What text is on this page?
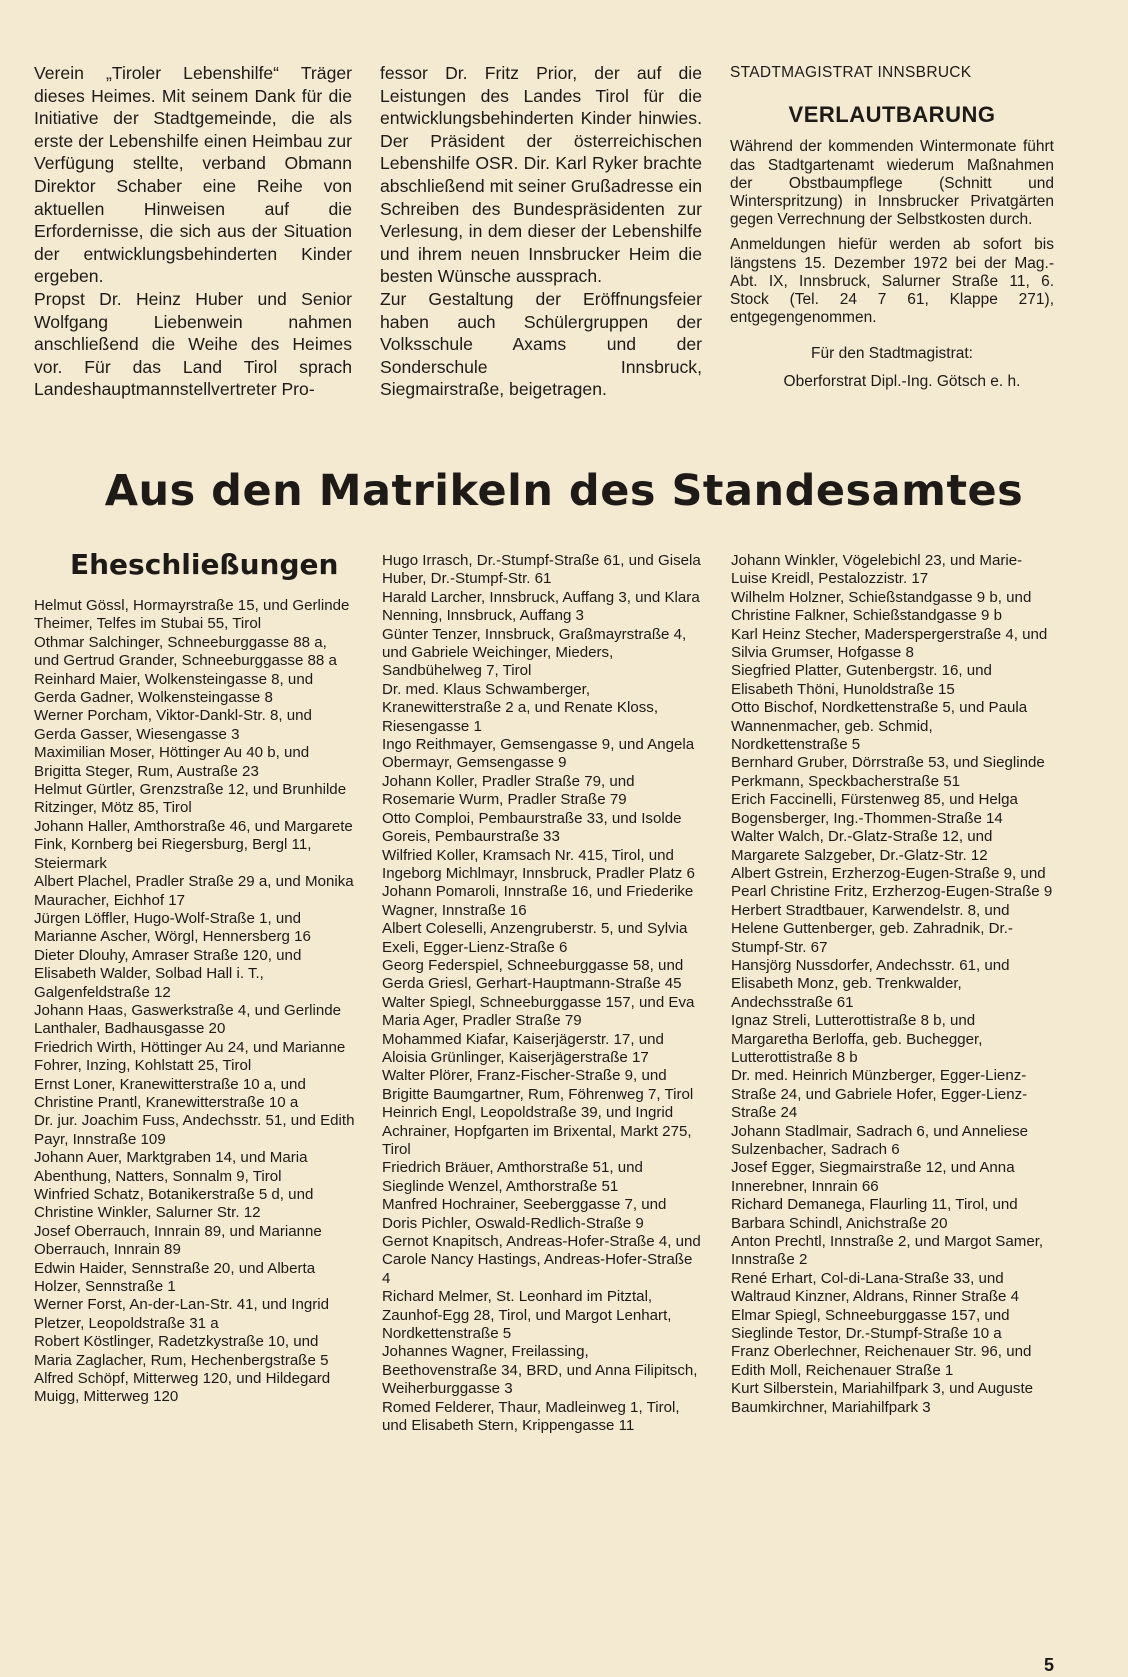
Verein „Tiroler Lebenshilfe“ Träger dieses Heimes. Mit seinem Dank für die Initiative der Stadtgemeinde, die als erste der Lebenshilfe einen Heimbau zur Verfügung stellte, verband Obmann Direktor Schaber eine Reihe von aktuellen Hinweisen auf die Erfordernisse, die sich aus der Situation der entwicklungsbehinderten Kinder ergeben.

Propst Dr. Heinz Huber und Senior Wolfgang Liebenwein nahmen anschließend die Weihe des Heimes vor. Für das Land Tirol sprach Landeshauptmannstellvertreter Pro-

fessor Dr. Fritz Prior, der auf die Leistungen des Landes Tirol für die entwicklungsbehinderten Kinder hinwies. Der Präsident der österreichischen Lebenshilfe OSR. Dir. Karl Ryker brachte abschließend mit seiner Grußadresse ein Schreiben des Bundespräsidenten zur Verlesung, in dem dieser der Lebenshilfe und ihrem neuen Innsbrucker Heim die besten Wünsche aussprach.

Zur Gestaltung der Eröffnungsfeier haben auch Schülergruppen der Volksschule Axams und der Sonderschule Innsbruck, Siegmairstraße, beigetragen.

STADTMAGISTRAT INNSBRUCK
VERLAUTBARUNG

Während der kommenden Wintermonate führt das Stadtgartenamt wiederum Maßnahmen der Obstbaumpflege (Schnitt und Winterspritzung) in Innsbrucker Privatgärten gegen Verrechnung der Selbstkosten durch.

Anmeldungen hiefür werden ab sofort bis längstens 15. Dezember 1972 bei der Mag.-Abt. IX, Innsbruck, Salurner Straße 11, 6. Stock (Tel. 24 7 61, Klappe 271), entgegengenommen.

Für den Stadtmagistrat:

Oberforstrat Dipl.-Ing. Götsch e. h.

Aus den Matrikeln des Standesamtes
Eheschließungen
Helmut Gössl, Hormayrstraße 15, und Gerlinde Theimer, Telfes im Stubai 55, Tirol
Othmar Salchinger, Schneeburggasse 88 a, und Gertrud Grander, Schneeburggasse 88 a
Reinhard Maier, Wolkensteingasse 8, und Gerda Gadner, Wolkensteingasse 8
Werner Porcham, Viktor-Dankl-Str. 8, und Gerda Gasser, Wiesengasse 3
Maximilian Moser, Höttinger Au 40 b, und Brigitta Steger, Rum, Austraße 23
Helmut Gürtler, Grenzstraße 12, und Brunhilde Ritzinger, Mötz 85, Tirol
Johann Haller, Amthorstraße 46, und Margarete Fink, Kornberg bei Riegersburg, Bergl 11, Steiermark
Albert Plachel, Pradler Straße 29 a, und Monika Mauracher, Eichhof 17
Jürgen Löffler, Hugo-Wolf-Straße 1, und Marianne Ascher, Wörgl, Hennersberg 16
Dieter Dlouhy, Amraser Straße 120, und Elisabeth Walder, Solbad Hall i. T., Galgenfeldstraße 12
Johann Haas, Gaswerkstraße 4, und Gerlinde Lanthaler, Badhausgasse 20
Friedrich Wirth, Höttinger Au 24, und Marianne Fohrer, Inzing, Kohlstatt 25, Tirol
Ernst Loner, Kranewitterstraße 10 a, und Christine Prantl, Kranewitterstraße 10 a
Dr. jur. Joachim Fuss, Andechsstr. 51, und Edith Payr, Innstraße 109
Johann Auer, Marktgraben 14, und Maria Abenthung, Natters, Sonnalm 9, Tirol
Winfried Schatz, Botanikerstraße 5 d, und Christine Winkler, Salurner Str. 12
Josef Oberrauch, Innrain 89, und Marianne Oberrauch, Innrain 89
Edwin Haider, Sennstraße 20, und Alberta Holzer, Sennstraße 1
Werner Forst, An-der-Lan-Str. 41, und Ingrid Pletzer, Leopoldstraße 31 a
Robert Köstlinger, Radetzkystraße 10, und Maria Zaglacher, Rum, Hechenbergstraße 5
Alfred Schöpf, Mitterweg 120, und Hildegard Muigg, Mitterweg 120
Hugo Irrasch, Dr.-Stumpf-Straße 61, und Gisela Huber, Dr.-Stumpf-Str. 61
Harald Larcher, Innsbruck, Auffang 3, und Klara Nenning, Innsbruck, Auffang 3
Günter Tenzer, Innsbruck, Graßmayrstraße 4, und Gabriele Weichinger, Mieders, Sandbühelweg 7, Tirol
Dr. med. Klaus Schwamberger, Kranewitterstraße 2 a, und Renate Kloss, Riesengasse 1
Ingo Reithmayer, Gemsengasse 9, und Angela Obermayr, Gemsengasse 9
Johann Koller, Pradler Straße 79, und Rosemarie Wurm, Pradler Straße 79
Otto Comploi, Pembaurstraße 33, und Isolde Goreis, Pembaurstraße 33
Wilfried Koller, Kramsach Nr. 415, Tirol, und Ingeborg Michlmayr, Innsbruck, Pradler Platz 6
Johann Pomaroli, Innstraße 16, und Friederike Wagner, Innstraße 16
Albert Coleselli, Anzengruberstr. 5, und Sylvia Exeli, Egger-Lienz-Straße 6
Georg Federspiel, Schneeburggasse 58, und Gerda Griesl, Gerhart-Hauptmann-Straße 45
Walter Spiegl, Schneeburggasse 157, und Eva Maria Ager, Pradler Straße 79
Mohammed Kiafar, Kaiserjägerstr. 17, und Aloisia Grünlinger, Kaiserjägerstraße 17
Walter Plörer, Franz-Fischer-Straße 9, und Brigitte Baumgartner, Rum, Föhrenweg 7, Tirol
Heinrich Engl, Leopoldstraße 39, und Ingrid Achrainer, Hopfgarten im Brixental, Markt 275, Tirol
Friedrich Bräuer, Amthorstraße 51, und Sieglinde Wenzel, Amthorstraße 51
Manfred Hochrainer, Seeberggasse 7, und Doris Pichler, Oswald-Redlich-Straße 9
Gernot Knapitsch, Andreas-Hofer-Straße 4, und Carole Nancy Hastings, Andreas-Hofer-Straße 4
Richard Melmer, St. Leonhard im Pitztal, Zaunhof-Egg 28, Tirol, und Margot Lenhart, Nordkettenstraße 5
Johannes Wagner, Freilassing, Beethovenstraße 34, BRD, und Anna Filipitsch, Weiherburggasse 3
Romed Felderer, Thaur, Madleinweg 1, Tirol, und Elisabeth Stern, Krippengasse 11
Johann Winkler, Vögelebichl 23, und Marie-Luise Kreidl, Pestalozzistr. 17
Wilhelm Holzner, Schießstandgasse 9 b, und Christine Falkner, Schießstandgasse 9 b
Karl Heinz Stecher, Maderspergerstraße 4, und Silvia Grumser, Hofgasse 8
Siegfried Platter, Gutenbergstr. 16, und Elisabeth Thöni, Hunoldstraße 15
Otto Bischof, Nordkettenstraße 5, und Paula Wannenmacher, geb. Schmid, Nordkettenstraße 5
Bernhard Gruber, Dörrstraße 53, und Sieglinde Perkmann, Speckbacherstraße 51
Erich Faccinelli, Fürstenweg 85, und Helga Bogensberger, Ing.-Thommen-Straße 14
Walter Walch, Dr.-Glatz-Straße 12, und Margarete Salzgeber, Dr.-Glatz-Str. 12
Albert Gstrein, Erzherzog-Eugen-Straße 9, und Pearl Christine Fritz, Erzherzog-Eugen-Straße 9
Herbert Stradtbauer, Karwendelstr. 8, und Helene Guttenberger, geb. Zahradnik, Dr.-Stumpf-Str. 67
Hansjörg Nussdorfer, Andechsstr. 61, und Elisabeth Monz, geb. Trenkwalder, Andechsstraße 61
Ignaz Streli, Lutterottistraße 8 b, und Margaretha Berloffa, geb. Buchegger, Lutterottistraße 8 b
Dr. med. Heinrich Münzberger, Egger-Lienz-Straße 24, und Gabriele Hofer, Egger-Lienz-Straße 24
Johann Stadlmair, Sadrach 6, und Anneliese Sulzenbacher, Sadrach 6
Josef Egger, Siegmairstraße 12, und Anna Innerebner, Innrain 66
Richard Demanega, Flaurling 11, Tirol, und Barbara Schindl, Anichstraße 20
Anton Prechtl, Innstraße 2, und Margot Samer, Innstraße 2
René Erhart, Col-di-Lana-Straße 33, und Waltraud Kinzner, Aldrans, Rinner Straße 4
Elmar Spiegl, Schneeburggasse 157, und Sieglinde Testor, Dr.-Stumpf-Straße 10 a
Franz Oberlechner, Reichenauer Str. 96, und Edith Moll, Reichenauer Straße 1
Kurt Silberstein, Mariahilfpark 3, und Auguste Baumkirchner, Mariahilfpark 3
5
